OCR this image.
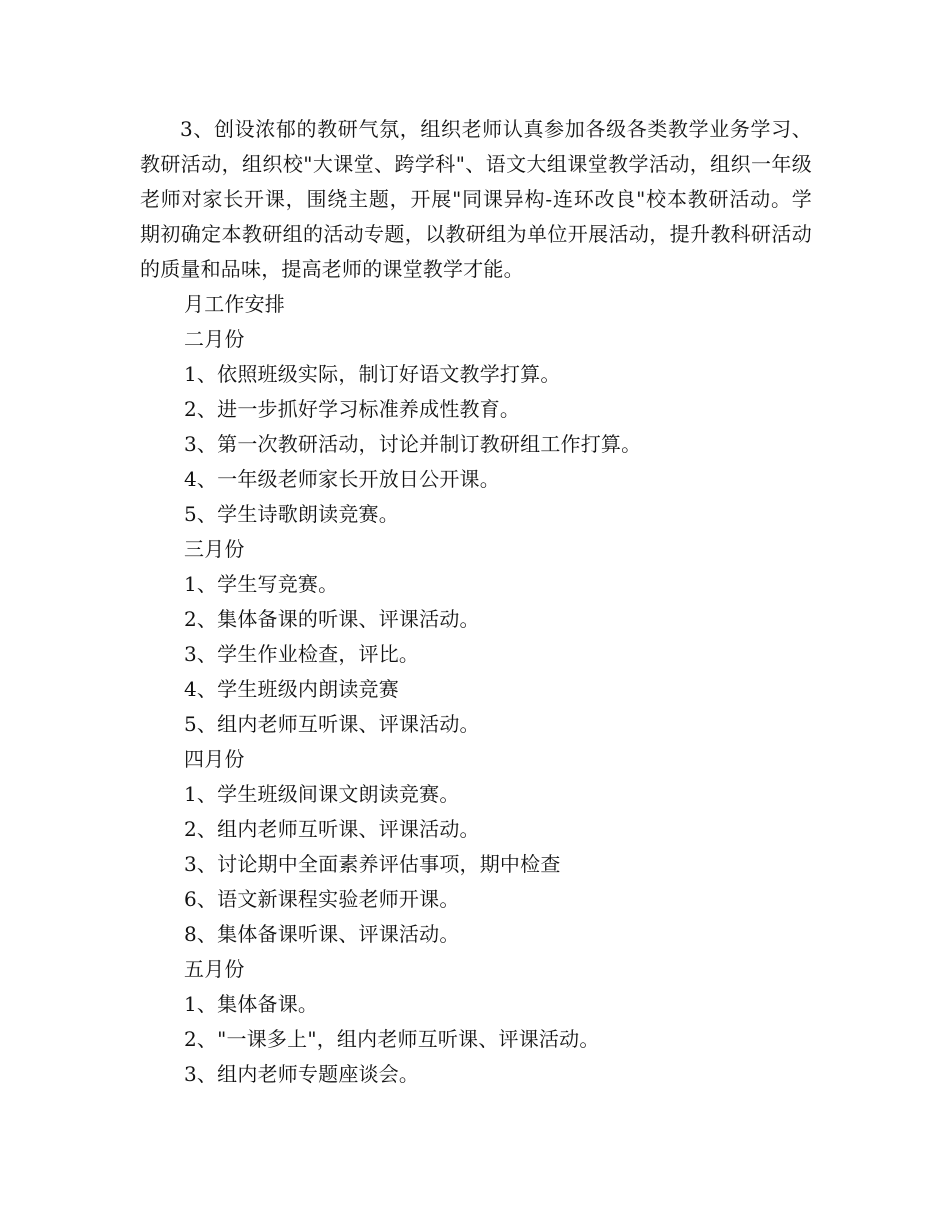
3、创设浓郁的教研气氛，组织老师认真参加各级各类教学业务学习、教研活动，组织校"大课堂、跨学科"、语文大组课堂教学活动，组织一年级老师对家长开课，围绕主题，开展"同课异构-连环改良"校本教研活动。学期初确定本教研组的活动专题，以教研组为单位开展活动，提升教科研活动的质量和品味，提高老师的课堂教学才能。

月工作安排
二月份
1、依照班级实际，制订好语文教学打算。
2、进一步抓好学习标准养成性教育。
3、第一次教研活动，讨论并制订教研组工作打算。
4、一年级老师家长开放日公开课。
5、学生诗歌朗读竞赛。
三月份
1、学生写竞赛。
2、集体备课的听课、评课活动。
3、学生作业检查，评比。
4、学生班级内朗读竞赛
5、组内老师互听课、评课活动。
四月份
1、学生班级间课文朗读竞赛。
2、组内老师互听课、评课活动。
3、讨论期中全面素养评估事项，期中检查
6、语文新课程实验老师开课。
8、集体备课听课、评课活动。
五月份
1、集体备课。
2、"一课多上"，组内老师互听课、评课活动。
3、组内老师专题座谈会。
